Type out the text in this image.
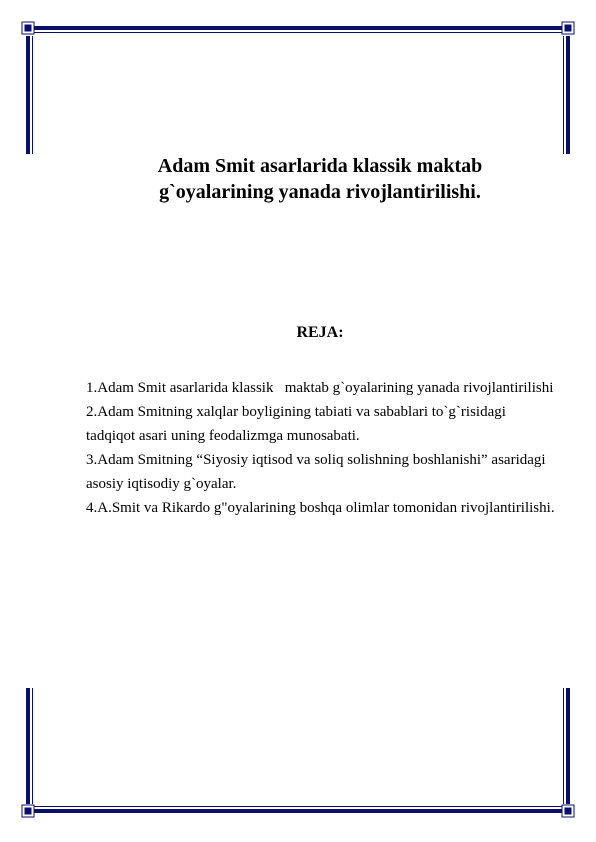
Adam Smit asarlarida klassik maktab
g`oyalarining yanada rivojlantirilishi.
REJA:

1.Adam Smit asarlarida klassik   maktab g`oyalarining yanada rivojlantirilishi

2.Adam Smitning xalqlar boyligining tabiati va sabablari to`g`risidagi tadqiqot asari uning feodalizmga munosabati.

3.Adam Smitning “Siyosiy iqtisod va soliq solishning boshlanishi” asaridagi asosiy iqtisodiy g`oyalar.

4.A.Smit va Rikardo g"oyalarining boshqa olimlar tomonidan rivojlantirilishi.
